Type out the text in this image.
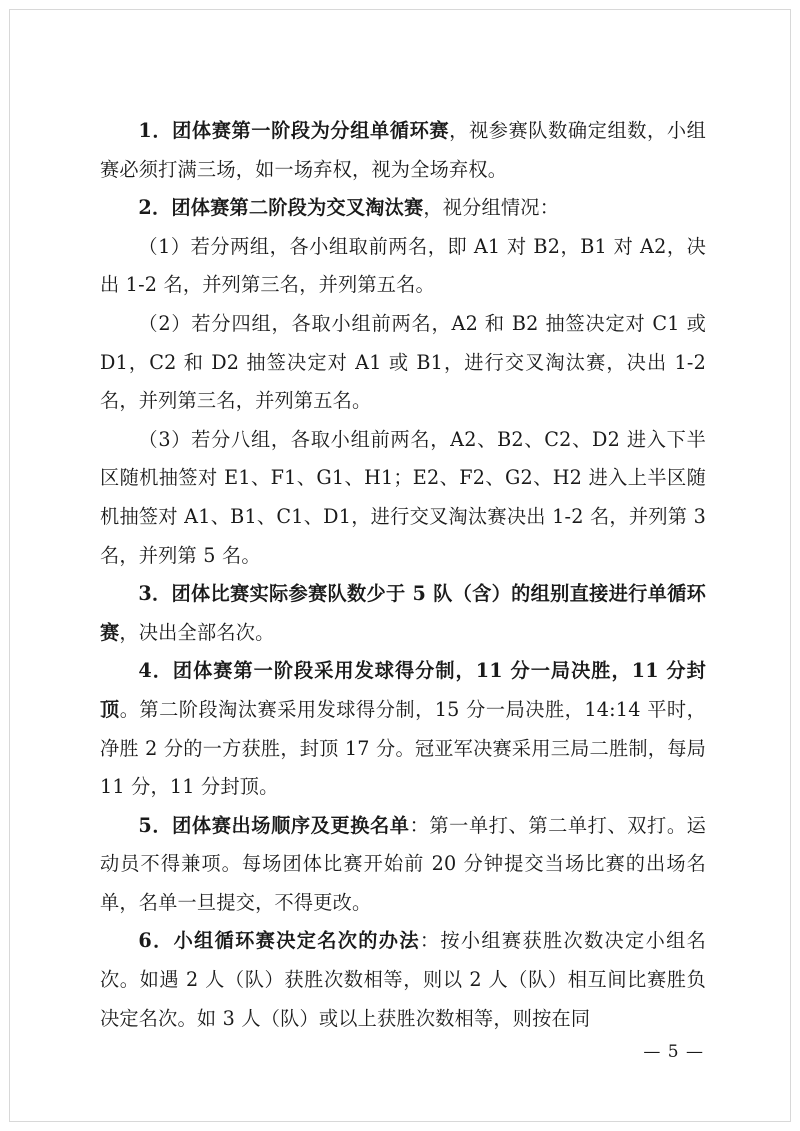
1．团体赛第一阶段为分组单循环赛，视参赛队数确定组数，小组赛必须打满三场，如一场弃权，视为全场弃权。

2．团体赛第二阶段为交叉淘汰赛，视分组情况：

（1）若分两组，各小组取前两名，即 A1 对 B2，B1 对 A2，决出 1-2 名，并列第三名，并列第五名。

（2）若分四组，各取小组前两名，A2 和 B2 抽签决定对 C1 或 D1，C2 和 D2 抽签决定对 A1 或 B1，进行交叉淘汰赛，决出 1-2 名，并列第三名，并列第五名。

（3）若分八组，各取小组前两名，A2、B2、C2、D2 进入下半区随机抽签对 E1、F1、G1、H1；E2、F2、G2、H2 进入上半区随机抽签对 A1、B1、C1、D1，进行交叉淘汰赛决出 1-2 名，并列第 3 名，并列第 5 名。

3．团体比赛实际参赛队数少于 5 队（含）的组别直接进行单循环赛，决出全部名次。

4．团体赛第一阶段采用发球得分制，11 分一局决胜，11 分封顶。第二阶段淘汰赛采用发球得分制，15 分一局决胜，14:14 平时，净胜 2 分的一方获胜，封顶 17 分。冠亚军决赛采用三局二胜制，每局 11 分，11 分封顶。

5．团体赛出场顺序及更换名单：第一单打、第二单打、双打。运动员不得兼项。每场团体比赛开始前 20 分钟提交当场比赛的出场名单，名单一旦提交，不得更改。

6．小组循环赛决定名次的办法：按小组赛获胜次数决定小组名次。如遇 2 人（队）获胜次数相等，则以 2 人（队）相互间比赛胜负决定名次。如 3 人（队）或以上获胜次数相等，则按在同

— 5 —
